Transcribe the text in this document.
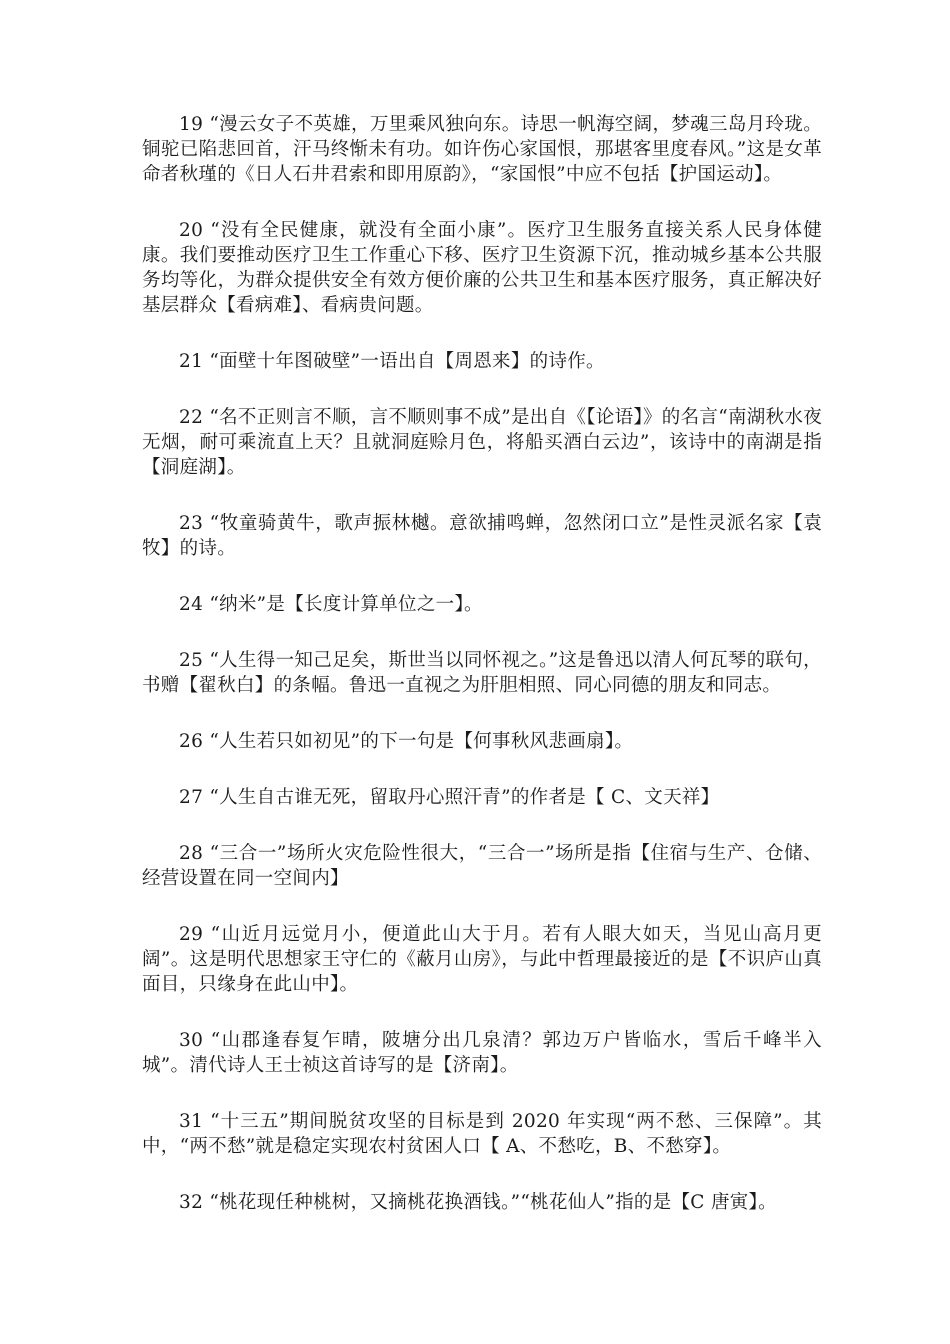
19 “漫云女子不英雄，万里乘风独向东。诗思一帆海空阔，梦魂三岛月玲珑。铜驼已陷悲回首，汗马终惭未有功。如许伤心家国恨，那堪客里度春风。”这是女革命者秋瑾的《日人石井君索和即用原韵》，“家国恨”中应不包括【护国运动】。

20 “没有全民健康，就没有全面小康”。医疗卫生服务直接关系人民身体健康。我们要推动医疗卫生工作重心下移、医疗卫生资源下沉，推动城乡基本公共服务均等化，为群众提供安全有效方便价廉的公共卫生和基本医疗服务，真正解决好基层群众【看病难】、看病贵问题。

21 “面壁十年图破壁”一语出自【周恩来】的诗作。

22 “名不正则言不顺，言不顺则事不成”是出自《【论语】》的名言“南湖秋水夜无烟，耐可乘流直上天？且就洞庭赊月色，将船买酒白云边”，该诗中的南湖是指【洞庭湖】。

23 “牧童骑黄牛，歌声振林樾。意欲捕鸣蝉，忽然闭口立”是性灵派名家【袁牧】的诗。

24 “纳米”是【长度计算单位之一】。

25 “人生得一知己足矣，斯世当以同怀视之。”这是鲁迅以清人何瓦琴的联句，书赠【翟秋白】的条幅。鲁迅一直视之为肝胆相照、同心同德的朋友和同志。

26 “人生若只如初见”的下一句是【何事秋风悲画扇】。

27 “人生自古谁无死，留取丹心照汗青”的作者是【 C、文天祥】

28 “三合一”场所火灾危险性很大，“三合一”场所是指【住宿与生产、仓储、经营设置在同一空间内】

29 “山近月远觉月小，便道此山大于月。若有人眼大如天，当见山高月更阔”。这是明代思想家王守仁的《蔽月山房》，与此中哲理最接近的是【不识庐山真面目，只缘身在此山中】。

30 “山郡逢春复乍晴，陂塘分出几泉清？郭边万户皆临水，雪后千峰半入城”。清代诗人王士祯这首诗写的是【济南】。

31 “十三五”期间脱贫攻坚的目标是到 2020 年实现“两不愁、三保障”。其中，“两不愁”就是稳定实现农村贫困人口【 A、不愁吃，B、不愁穿】。

32 “桃花现任种桃树，又摘桃花换酒钱。”“桃花仙人”指的是【C 唐寅】。
